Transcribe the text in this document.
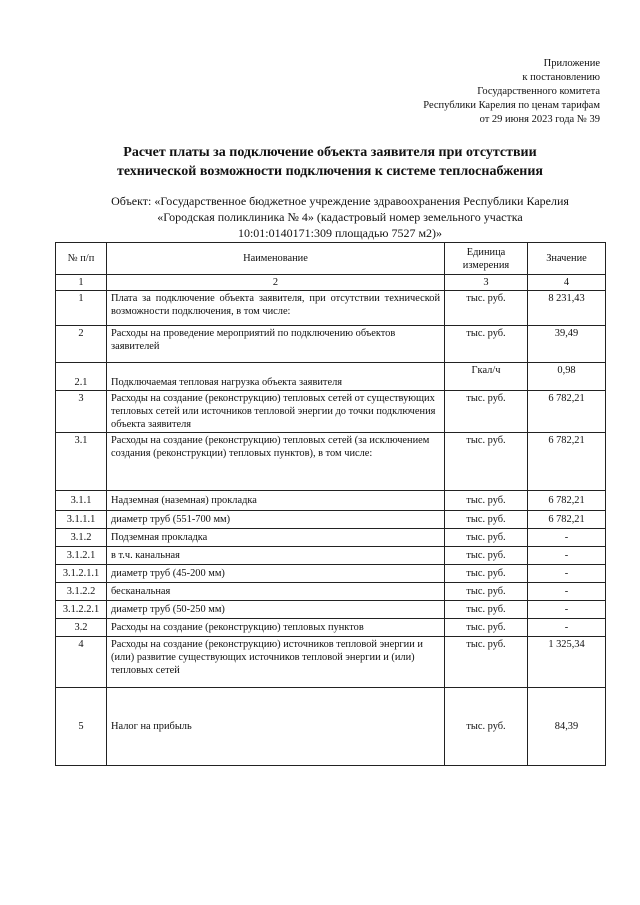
Приложение
к постановлению
Государственного комитета
Республики Карелия по ценам тарифам
от 29 июня 2023 года № 39
Расчет платы за подключение объекта заявителя при отсутствии
технической возможности подключения к системе теплоснабжения
Объект: «Государственное бюджетное учреждение здравоохранения Республики Карелия
«Городская поликлиника № 4» (кадастровый номер земельного участка
10:01:0140171:309 площадью 7527 м2)»
№ п/п	Наименование	Единица измерения	Значение
1	2	3	4
1	Плата за подключение объекта заявителя, при отсутствии технической возможности подключения, в том числе:	тыс. руб.	8 231,43
2	Расходы на проведение мероприятий по подключению объектов заявителей	тыс. руб.	39,49
2.1	Подключаемая тепловая нагрузка объекта заявителя	Гкал/ч	0,98
3	Расходы на создание (реконструкцию) тепловых сетей от существующих тепловых сетей или источников тепловой энергии до точки подключения объекта заявителя	тыс. руб.	6 782,21
3.1	Расходы на создание (реконструкцию) тепловых сетей (за исключением создания (реконструкции) тепловых пунктов), в том числе:	тыс. руб.	6 782,21
3.1.1	Надземная (наземная) прокладка	тыс. руб.	6 782,21
3.1.1.1	диаметр труб (551-700 мм)	тыс. руб.	6 782,21
3.1.2	Подземная прокладка	тыс. руб.	-
3.1.2.1	в т.ч. канальная	тыс. руб.	-
3.1.2.1.1	диаметр труб (45-200 мм)	тыс. руб.	-
3.1.2.2	бесканальная	тыс. руб.	-
3.1.2.2.1	диаметр труб (50-250 мм)	тыс. руб.	-
3.2	Расходы на создание (реконструкцию) тепловых пунктов	тыс. руб.	-
4	Расходы на создание (реконструкцию) источников тепловой энергии и (или) развитие существующих источников тепловой энергии и (или) тепловых сетей	тыс. руб.	1 325,34
5	Налог на прибыль	тыс. руб.	84,39
